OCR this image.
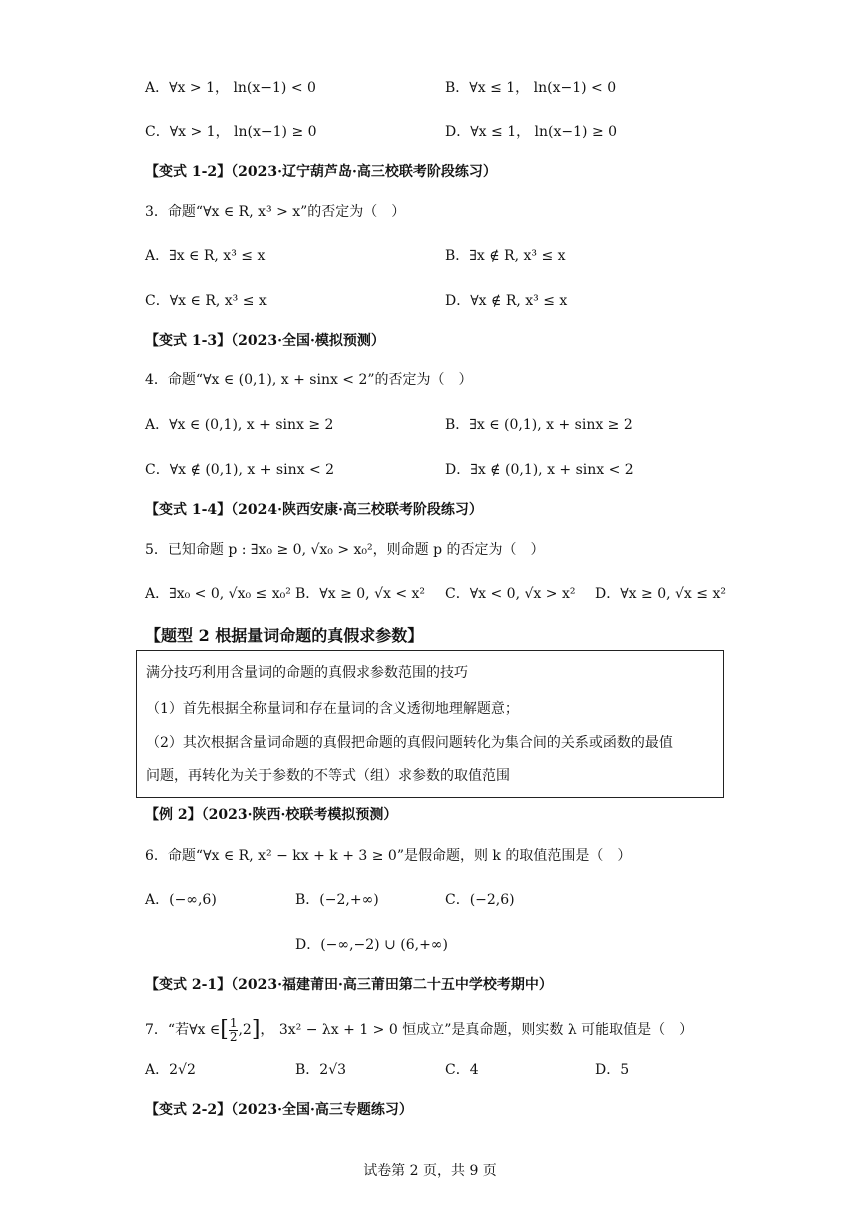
A．∀x > 1， ln(x−1) < 0	B．∀x ≤ 1， ln(x−1) < 0
C．∀x > 1， ln(x−1) ≥ 0	D．∀x ≤ 1， ln(x−1) ≥ 0
【变式 1-2】（2023·辽宁葫芦岛·高三校联考阶段练习）
3．命题“∀x ∈ R, x³ > x”的否定为（　）
A．∃x ∈ R, x³ ≤ x	B．∃x ∉ R, x³ ≤ x
C．∀x ∈ R, x³ ≤ x	D．∀x ∉ R, x³ ≤ x
【变式 1-3】（2023·全国·模拟预测）
4．命题“∀x ∈ (0,1), x + sinx < 2”的否定为（　）
A．∀x ∈ (0,1), x + sinx ≥ 2	B．∃x ∈ (0,1), x + sinx ≥ 2
C．∀x ∉ (0,1), x + sinx < 2	D．∃x ∉ (0,1), x + sinx < 2
【变式 1-4】（2024·陕西安康·高三校联考阶段练习）
5．已知命题 p : ∃x₀ ≥ 0, √x₀ > x₀²，则命题 p 的否定为（　）
A．∃x₀ < 0, √x₀ ≤ x₀² B．∀x ≥ 0, √x < x² C．∀x < 0, √x > x² D．∀x ≥ 0, √x ≤ x²
【题型 2 根据量词命题的真假求参数】
满分技巧利用含量词的命题的真假求参数范围的技巧
（1）首先根据全称量词和存在量词的含义透彻地理解题意；
（2）其次根据含量词命题的真假把命题的真假问题转化为集合间的关系或函数的最值
问题，再转化为关于参数的不等式（组）求参数的取值范围
【例 2】（2023·陕西·校联考模拟预测）
6．命题“∀x ∈ R, x² − kx + k + 3 ≥ 0”是假命题，则 k 的取值范围是（　）
A．(−∞,6)	B．(−2,+∞)	C．(−2,6)
D．(−∞,−2) ∪ (6,+∞)
【变式 2-1】（2023·福建莆田·高三莆田第二十五中学校考期中）
7．“若∀x ∈[ $\frac{1}{2} ,2$]， 3x² − λx + 1 > 0 恒成立”是真命题，则实数 λ 可能取值是（　）
A．2√2	B．2√3	C．4	D．5
【变式 2-2】（2023·全国·高三专题练习）
试卷第 2 页，共 9 页
